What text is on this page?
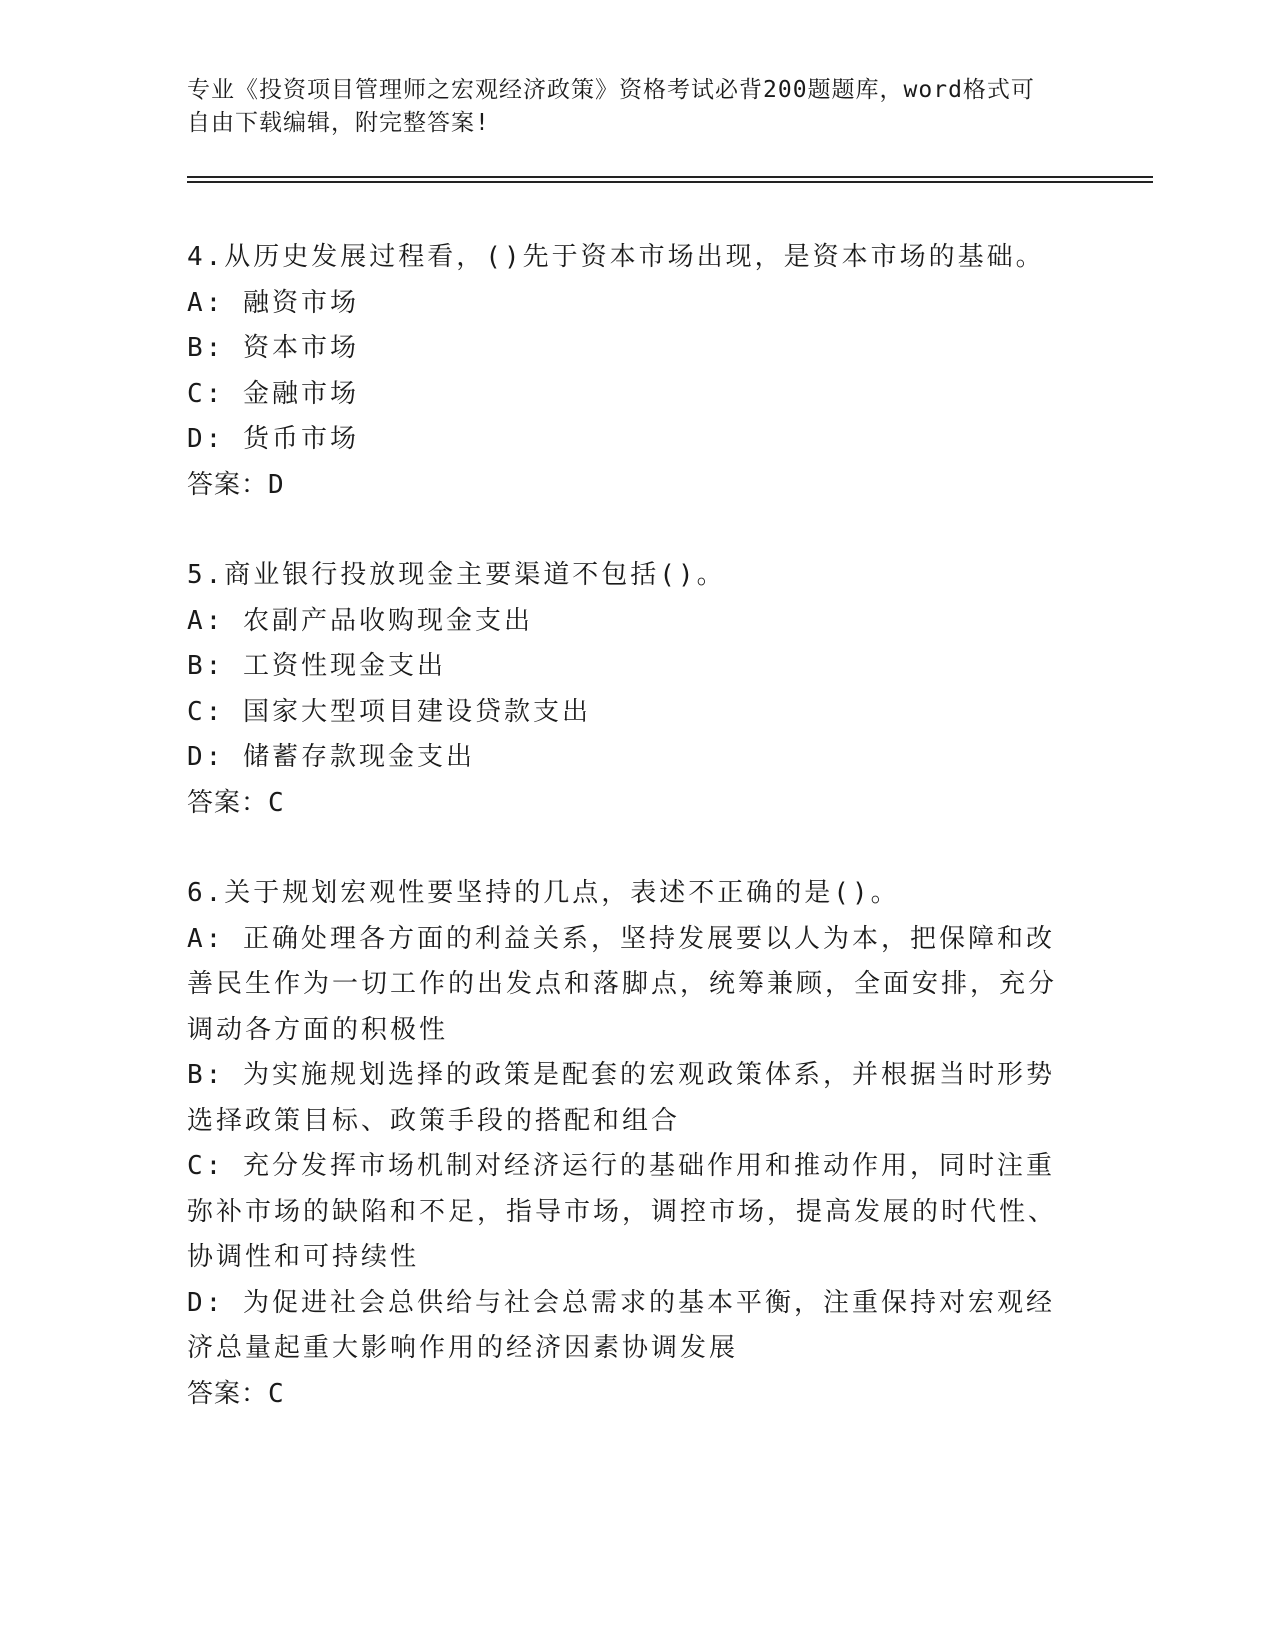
专业《投资项目管理师之宏观经济政策》资格考试必背200题题库，word格式可
自由下载编辑，附完整答案!
4.从历史发展过程看，()先于资本市场出现，是资本市场的基础。
A: 融资市场
B: 资本市场
C: 金融市场
D: 货币市场
答案：D
5.商业银行投放现金主要渠道不包括()。
A: 农副产品收购现金支出
B: 工资性现金支出
C: 国家大型项目建设贷款支出
D: 储蓄存款现金支出
答案：C
6.关于规划宏观性要坚持的几点，表述不正确的是()。
A: 正确处理各方面的利益关系，坚持发展要以人为本，把保障和改善民生作为一切工作的出发点和落脚点，统筹兼顾，全面安排，充分调动各方面的积极性
B: 为实施规划选择的政策是配套的宏观政策体系，并根据当时形势选择政策目标、政策手段的搭配和组合
C: 充分发挥市场机制对经济运行的基础作用和推动作用，同时注重弥补市场的缺陷和不足，指导市场，调控市场，提高发展的时代性、协调性和可持续性
D: 为促进社会总供给与社会总需求的基本平衡，注重保持对宏观经济总量起重大影响作用的经济因素协调发展
答案：C
